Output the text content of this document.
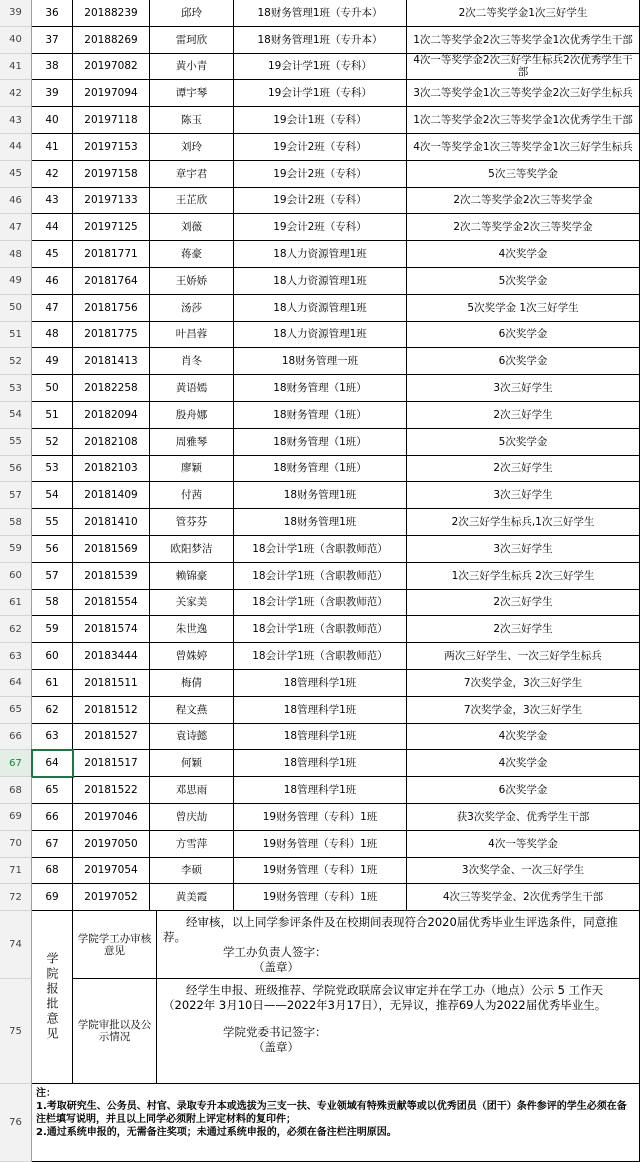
39	36	20188239	邱玲	18财务管理1班（专升本）	2次二等奖学金1次三好学生
40	37	20188269	雷珂欣	18财务管理1班（专升本）	1次二等奖学金2次三等奖学金1次优秀学生干部
41	38	20197082	黄小青	19会计学1班（专科）	4次一等奖学金2次三好学生标兵2次优秀学生干部
42	39	20197094	谭宇琴	19会计学1班（专科）	3次二等奖学金1次三等奖学金2次三好学生标兵
43	40	20197118	陈玉	19会计1班（专科）	1次二等奖学金2次三等奖学金1次优秀学生干部
44	41	20197153	刘玲	19会计2班（专科）	4次一等奖学金1次三等奖学金1次三好学生标兵
45	42	20197158	章宇君	19会计2班（专科）	5次三等奖学金
46	43	20197133	王芷欣	19会计2班（专科）	2次二等奖学金2次三等奖学金
47	44	20197125	刘薇	19会计2班（专科）	2次二等奖学金2次三等奖学金
48	45	20181771	蒋豪	18人力资源管理1班	4次奖学金
49	46	20181764	王娇娇	18人力资源管理1班	5次奖学金
50	47	20181756	汤莎	18人力资源管理1班	5次奖学金 1次三好学生
51	48	20181775	叶昌蓉	18人力资源管理1班	6次奖学金
52	49	20181413	肖冬	18财务管理一班	6次奖学金
53	50	20182258	黄语嫣	18财务管理（1班）	3次三好学生
54	51	20182094	殷舟娜	18财务管理（1班）	2次三好学生
55	52	20182108	周雅琴	18财务管理（1班）	5次奖学金
56	53	20182103	廖颖	18财务管理（1班）	2次三好学生
57	54	20181409	付茜	18财务管理1班	3次三好学生
58	55	20181410	管芬芬	18财务管理1班	2次三好学生标兵,1次三好学生
59	56	20181569	欧阳梦洁	18会计学1班（含职教师范）	3次三好学生
60	57	20181539	赖锦豪	18会计学1班（含职教师范）	1次三好学生标兵 2次三好学生
61	58	20181554	关家美	18会计学1班（含职教师范）	2次三好学生
62	59	20181574	朱世逸	18会计学1班（含职教师范）	2次三好学生
63	60	20183444	曾姝婷	18会计学1班（含职教师范）	两次三好学生、一次三好学生标兵
64	61	20181511	梅倩	18管理科学1班	7次奖学金，3次三好学生
65	62	20181512	程文燕	18管理科学1班	7次奖学金，3次三好学生
66	63	20181527	袁诗懿	18管理科学1班	4次奖学金
67	64	20181517	何颖	18管理科学1班	4次奖学金
68	65	20181522	邓思雨	18管理科学1班	6次奖学金
69	66	20197046	曾庆劼	19财务管理（专科）1班	获3次奖学金、优秀学生干部
70	67	20197050	方雪萍	19财务管理（专科）1班	4次一等奖学金
71	68	20197054	李硕	19财务管理（专科）1班	3次奖学金、一次三好学生
72	69	20197052	黄美霞	19财务管理（专科）1班	4次三等奖学金、2次优秀学生干部
74
75
76
学院报批意见
学院学工办审核意见
经审核，以上同学参评条件及在校期间表现符合2020届优秀毕业生评选条件，同意推荐。
学工办负责人签字：
（盖章）
学院审批以及公示情况
经学生申报、班级推荐、学院党政联席会议审定并在学工办（地点）公示 5 工作天（2022年 3月10日——2022年3月17日），无异议，推荐69人为2022届优秀毕业生。
学院党委书记签字：
（盖章）
注：
1.考取研究生、公务员、村官、录取专升本或选拔为三支一扶、专业领域有特殊贡献等或以优秀团员（团干）条件参评的学生必须在备注栏填写说明，并且以上同学必须附上评定材料的复印件；
2.通过系统申报的，无需备注奖项；未通过系统申报的，必须在备注栏注明原因。
